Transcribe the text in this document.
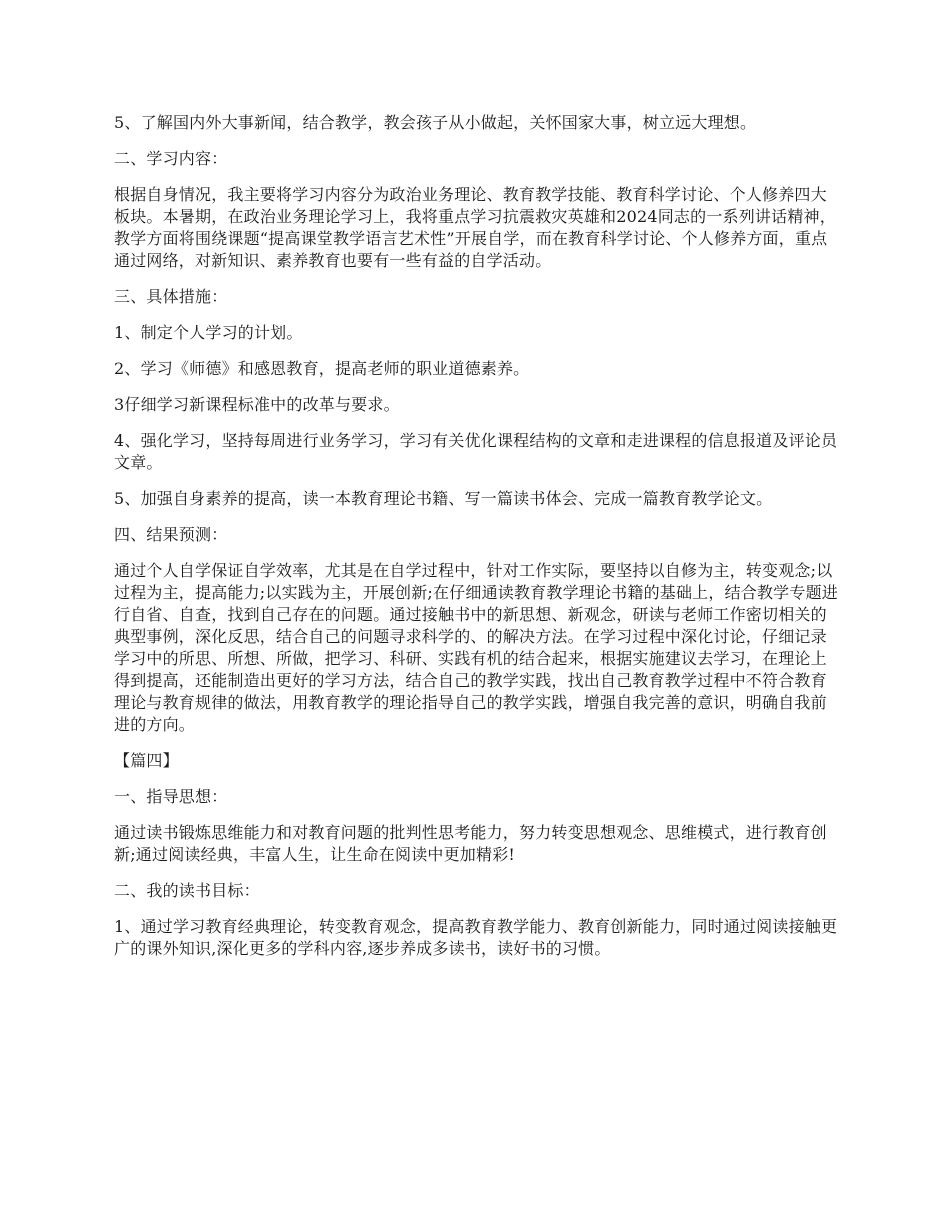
5、了解国内外大事新闻，结合教学，教会孩子从小做起，关怀国家大事，树立远大理想。

二、学习内容：

根据自身情况，我主要将学习内容分为政治业务理论、教育教学技能、教育科学讨论、个人修养四大板块。本暑期，在政治业务理论学习上，我将重点学习抗震救灾英雄和2024同志的一系列讲话精神，教学方面将围绕课题“提高课堂教学语言艺术性”开展自学，而在教育科学讨论、个人修养方面，重点通过网络，对新知识、素养教育也要有一些有益的自学活动。

三、具体措施：

1、制定个人学习的计划。

2、学习《师德》和感恩教育，提高老师的职业道德素养。

3仔细学习新课程标准中的改革与要求。

4、强化学习，坚持每周进行业务学习，学习有关优化课程结构的文章和走进课程的信息报道及评论员文章。

5、加强自身素养的提高，读一本教育理论书籍、写一篇读书体会、完成一篇教育教学论文。

四、结果预测：

通过个人自学保证自学效率，尤其是在自学过程中，针对工作实际，要坚持以自修为主，转变观念;以过程为主，提高能力;以实践为主，开展创新;在仔细通读教育教学理论书籍的基础上，结合教学专题进行自省、自查，找到自己存在的问题。通过接触书中的新思想、新观念，研读与老师工作密切相关的典型事例，深化反思，结合自己的问题寻求科学的、的解决方法。在学习过程中深化讨论，仔细记录学习中的所思、所想、所做，把学习、科研、实践有机的结合起来，根据实施建议去学习，在理论上得到提高，还能制造出更好的学习方法，结合自己的教学实践，找出自己教育教学过程中不符合教育理论与教育规律的做法，用教育教学的理论指导自己的教学实践，增强自我完善的意识，明确自我前进的方向。

【篇四】

一、指导思想：

通过读书锻炼思维能力和对教育问题的批判性思考能力，努力转变思想观念、思维模式，进行教育创新;通过阅读经典，丰富人生，让生命在阅读中更加精彩!

二、我的读书目标：

1、通过学习教育经典理论，转变教育观念，提高教育教学能力、教育创新能力，同时通过阅读接触更广的课外知识,深化更多的学科内容,逐步养成多读书，读好书的习惯。
